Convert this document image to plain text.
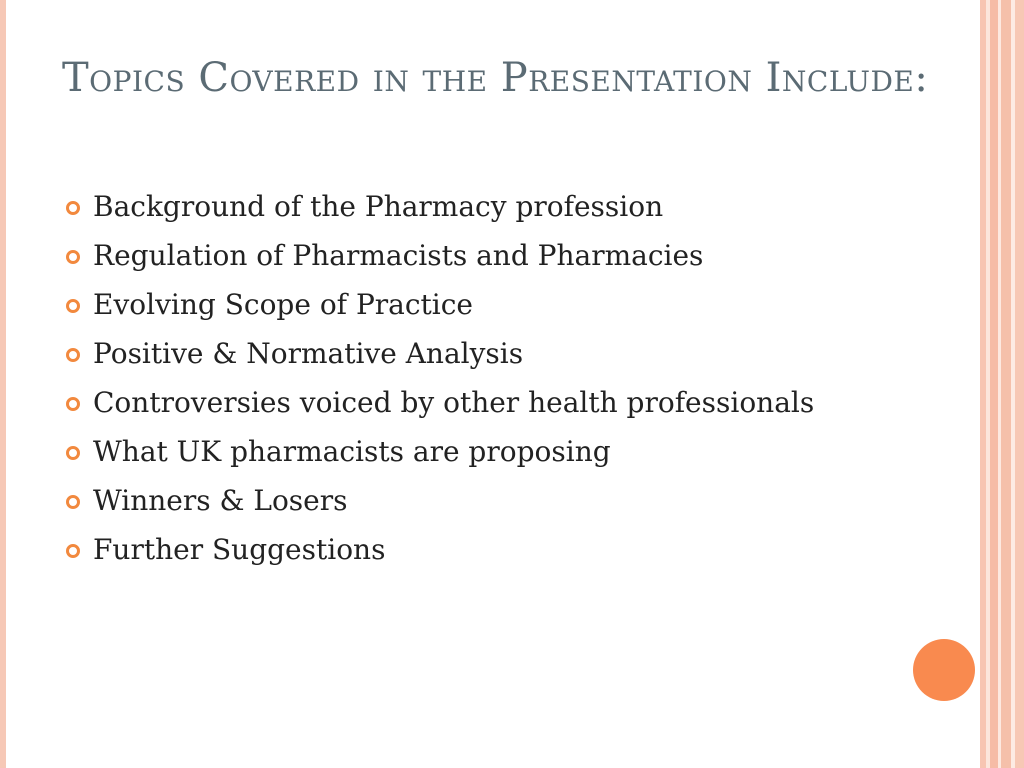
Topics Covered in the Presentation Include:
Background of the Pharmacy profession
Regulation of Pharmacists and Pharmacies
Evolving Scope of Practice
Positive & Normative Analysis
Controversies voiced by other health professionals
What UK pharmacists are proposing
Winners & Losers
Further Suggestions
